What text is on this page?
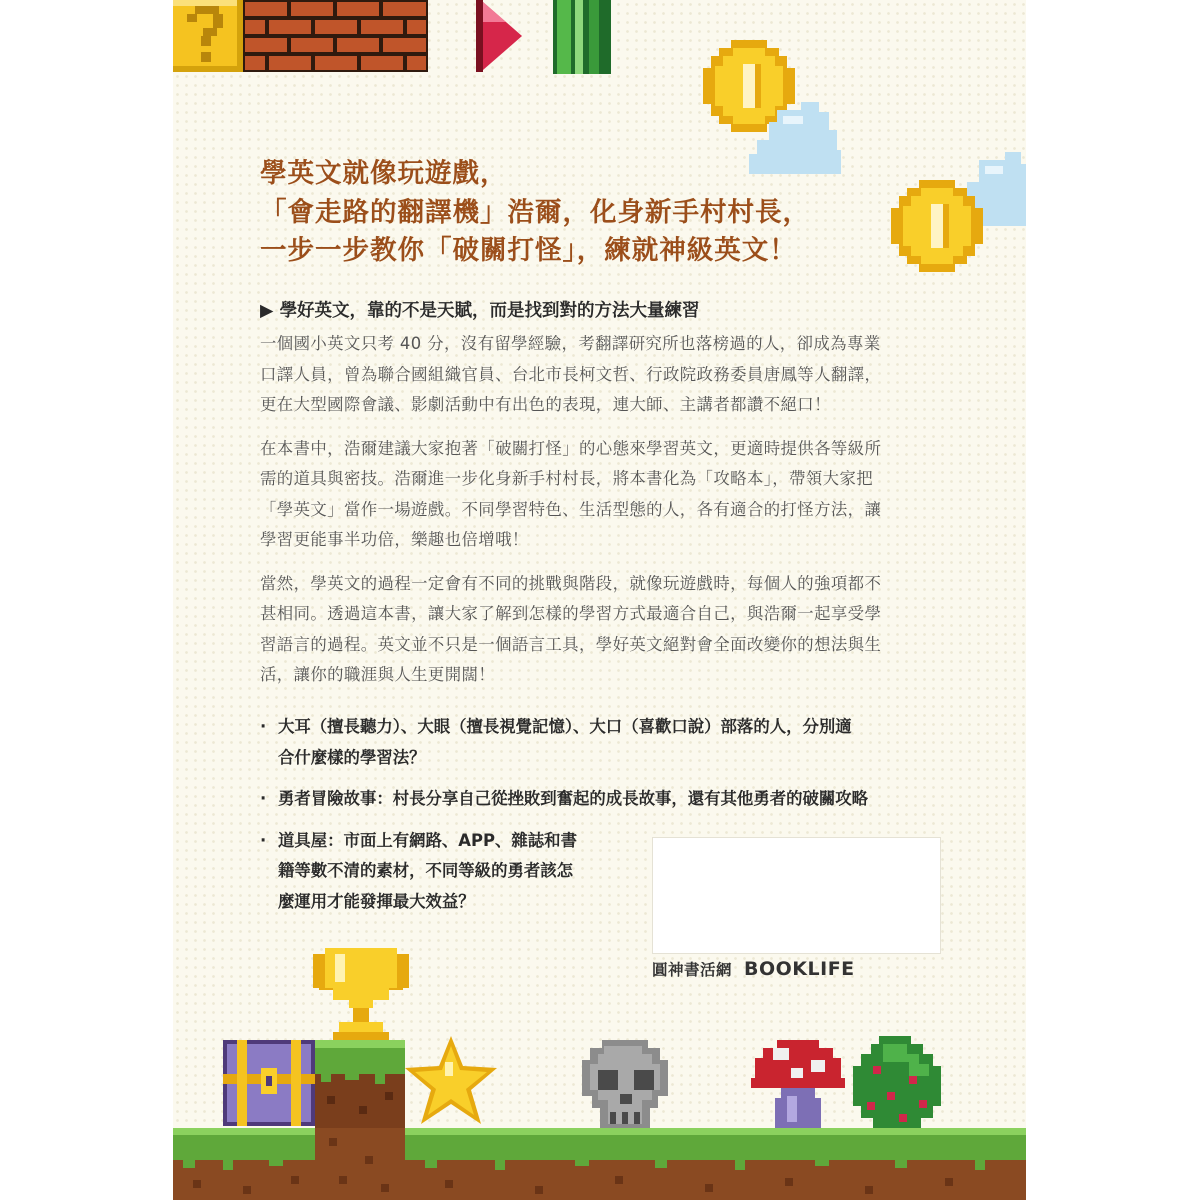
學英文就像玩遊戲，
「會走路的翻譯機」浩爾，化身新手村村長，
一步一步教你「破關打怪」，練就神級英文！
▶ 學好英文，靠的不是天賦，而是找到對的方法大量練習

一個國小英文只考 40 分，沒有留學經驗，考翻譯研究所也落榜過的人，卻成為專業
口譯人員，曾為聯合國組織官員、台北市長柯文哲、行政院政務委員唐鳳等人翻譯，
更在大型國際會議、影劇活動中有出色的表現，連大師、主講者都讚不絕口！

在本書中，浩爾建議大家抱著「破關打怪」的心態來學習英文，更適時提供各等級所
需的道具與密技。浩爾進一步化身新手村村長，將本書化為「攻略本」，帶領大家把
「學英文」當作一場遊戲。不同學習特色、生活型態的人，各有適合的打怪方法，讓
學習更能事半功倍，樂趣也倍增哦！

當然，學英文的過程一定會有不同的挑戰與階段，就像玩遊戲時，每個人的強項都不
甚相同。透過這本書，讓大家了解到怎樣的學習方式最適合自己，與浩爾一起享受學
習語言的過程。英文並不只是一個語言工具，學好英文絕對會全面改變你的想法與生
活，讓你的職涯與人生更開闊！

· 大耳（擅長聽力）、大眼（擅長視覺記憶）、大口（喜歡口說）部落的人，分別適
合什麼樣的學習法？
· 勇者冒險故事：村長分享自己從挫敗到奮起的成長故事，還有其他勇者的破關攻略
· 道具屋：市面上有網路、APP、雜誌和書
籍等數不清的素材，不同等級的勇者該怎
麼運用才能發揮最大效益？
圓神書活網 BOOKLIFE
